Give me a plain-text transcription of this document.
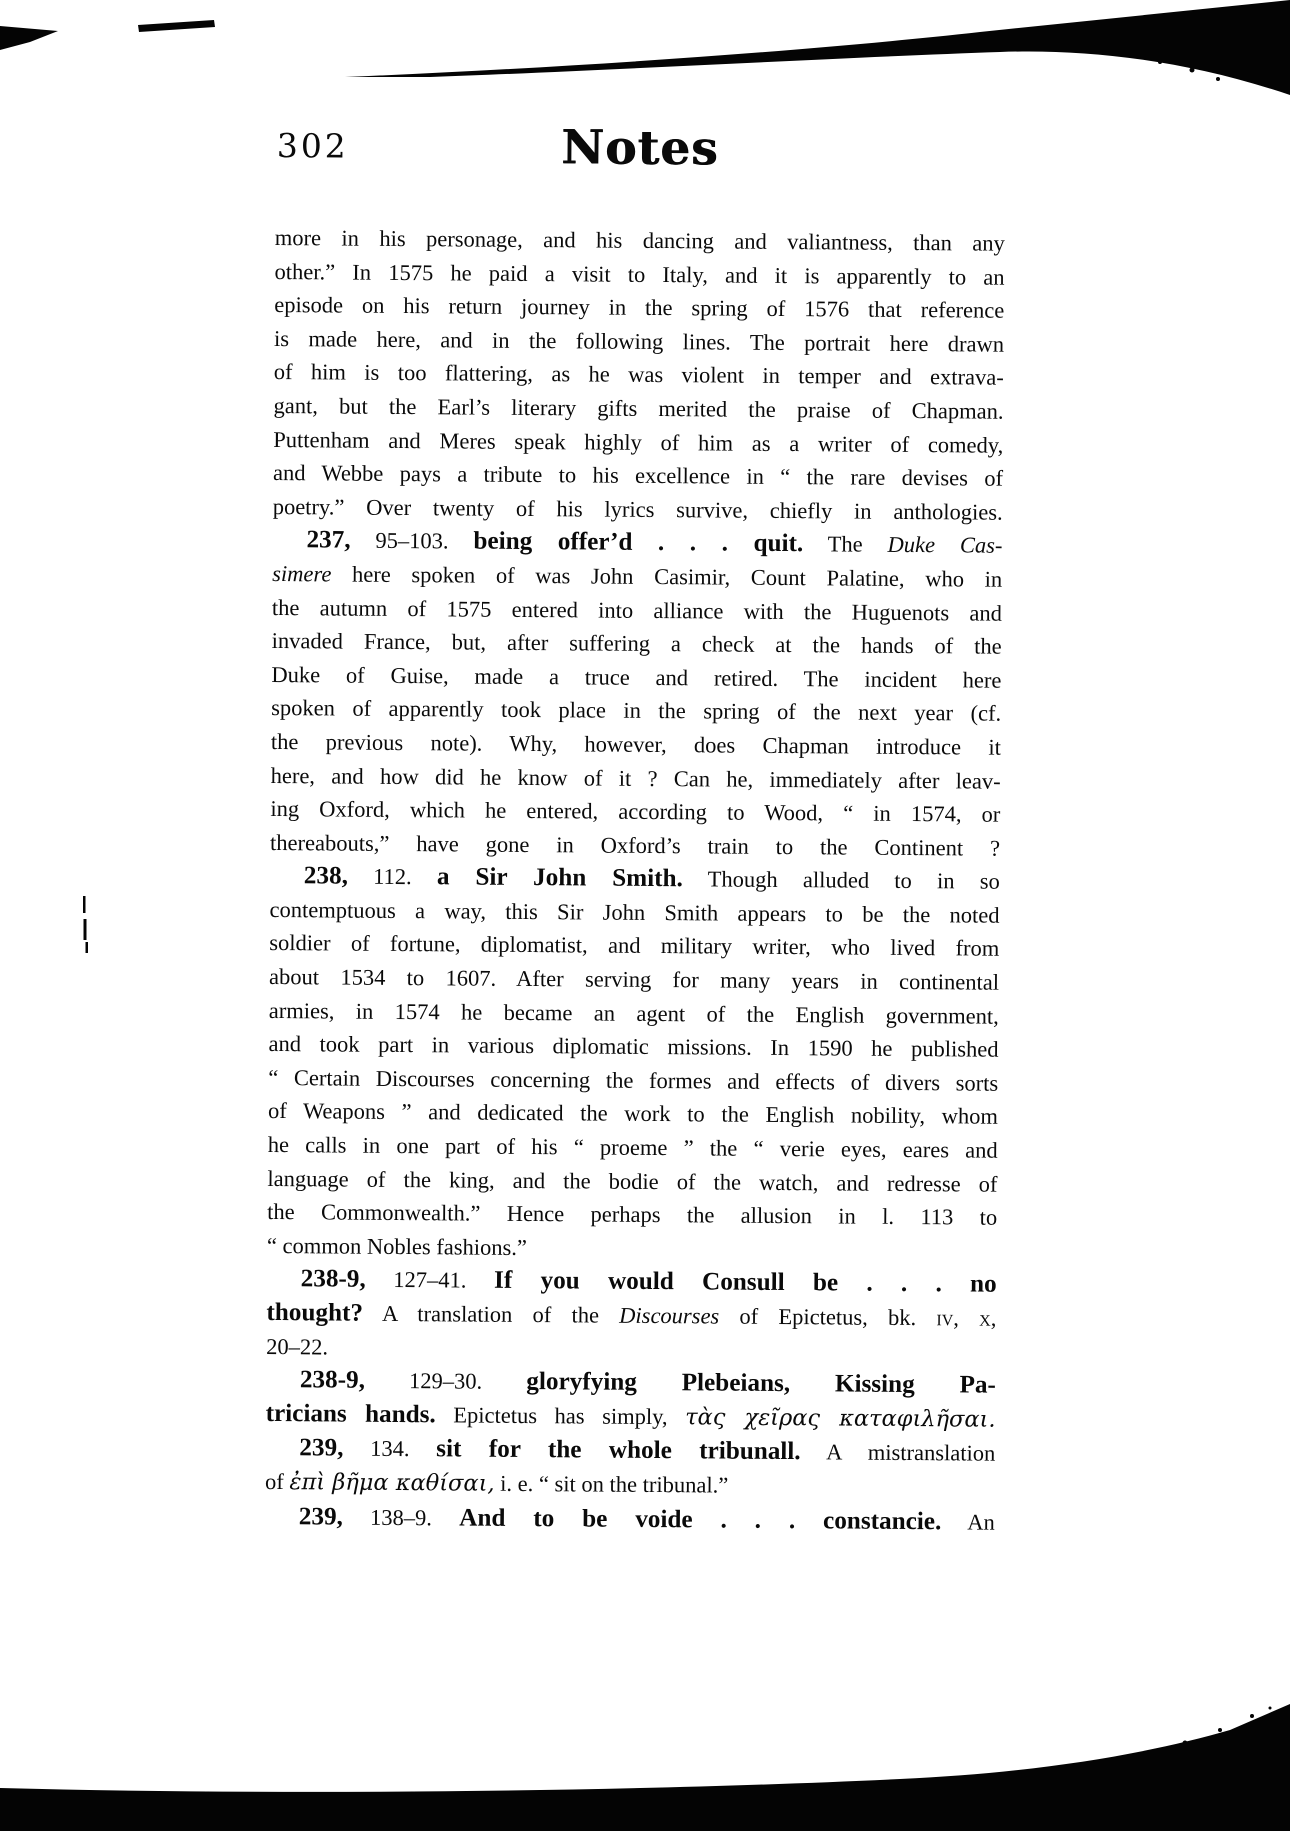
302	Notes
more in his personage, and his dancing and valiantness, than any
other.” In 1575 he paid a visit to Italy, and it is apparently to an
episode on his return journey in the spring of 1576 that reference
is made here, and in the following lines. The portrait here drawn
of him is too flattering, as he was violent in temper and extrava-
gant, but the Earl’s literary gifts merited the praise of Chapman.
Puttenham and Meres speak highly of him as a writer of comedy,
and Webbe pays a tribute to his excellence in “ the rare devises of
poetry.” Over twenty of his lyrics survive, chiefly in anthologies.
237, 95–103. being offer’d . . . quit. The Duke Cas-
simere here spoken of was John Casimir, Count Palatine, who in
the autumn of 1575 entered into alliance with the Huguenots and
invaded France, but, after suffering a check at the hands of the
Duke of Guise, made a truce and retired. The incident here
spoken of apparently took place in the spring of the next year (cf.
the previous note). Why, however, does Chapman introduce it
here, and how did he know of it ? Can he, immediately after leav-
ing Oxford, which he entered, according to Wood, “ in 1574, or
thereabouts,” have gone in Oxford’s train to the Continent ?
238, 112. a Sir John Smith. Though alluded to in so
contemptuous a way, this Sir John Smith appears to be the noted
soldier of fortune, diplomatist, and military writer, who lived from
about 1534 to 1607. After serving for many years in continental
armies, in 1574 he became an agent of the English government,
and took part in various diplomatic missions. In 1590 he published
“ Certain Discourses concerning the formes and effects of divers sorts
of Weapons ” and dedicated the work to the English nobility, whom
he calls in one part of his “ proeme ” the “ verie eyes, eares and
language of the king, and the bodie of the watch, and redresse of
the Commonwealth.” Hence perhaps the allusion in l. 113 to
“ common Nobles fashions.”
238-9, 127–41. If you would Consull be . . . no
thought? A translation of the Discourses of Epictetus, bk. iv, x,
20–22.
238-9, 129–30. gloryfying Plebeians, Kissing Pa-
tricians hands. Epictetus has simply, τὰς χεῖρας καταφιλῆσαι.
239, 134. sit for the whole tribunall. A mistranslation
of ἐπὶ βῆμα καθίσαι, i. e. “ sit on the tribunal.”
239, 138–9. And to be voide . . . constancie. An
